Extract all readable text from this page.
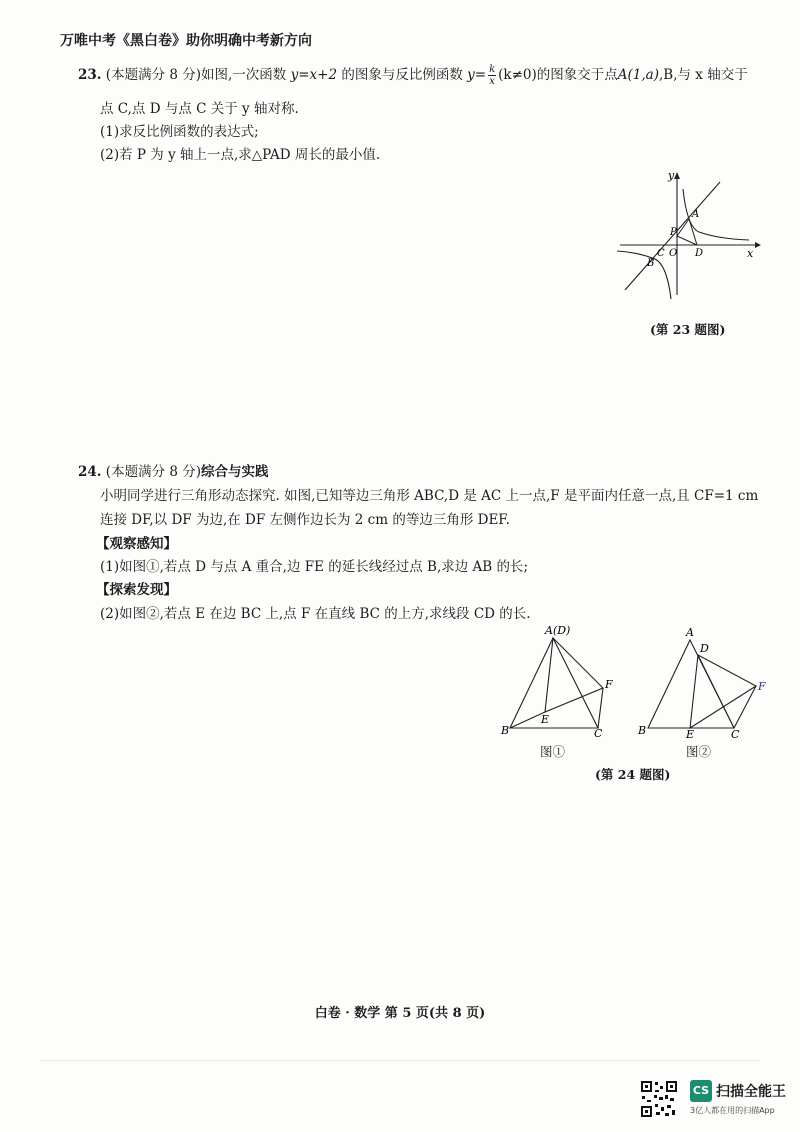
万唯中考《黑白卷》助你明确中考新方向
23. (本题满分 8 分)如图,一次函数 y=x+2 的图象与反比例函数 $y= \frac{k}{x} (k\ne 0)$的图象交于点A(1,a),B,与 x 轴交于
点 C,点 D 与点 C 关于 y 轴对称.
(1)求反比例函数的表达式;
(2)若 P 为 y 轴上一点,求△PAD 周长的最小值.
y
x
A
P
C O D
B
(第 23 题图)
24. (本题满分 8 分)综合与实践
小明同学进行三角形动态探究. 如图,已知等边三角形 ABC,D 是 AC 上一点,F 是平面内任意一点,且 CF=1 cm
连接 DF,以 DF 为边,在 DF 左侧作边长为 2 cm 的等边三角形 DEF.
【观察感知】
(1)如图①,若点 D 与点 A 重合,边 FE 的延长线经过点 B,求边 AB 的长;
【探索发现】
(2)如图②,若点 E 在边 BC 上,点 F 在直线 BC 的上方,求线段 CD 的长.
A(D)
F
E
B	C
图①
A
D
F
E
B	C
图②
(第 24 题图)
白卷 · 数学 第 5 页(共 8 页)
CS 扫描全能王
3亿人都在用的扫描App
